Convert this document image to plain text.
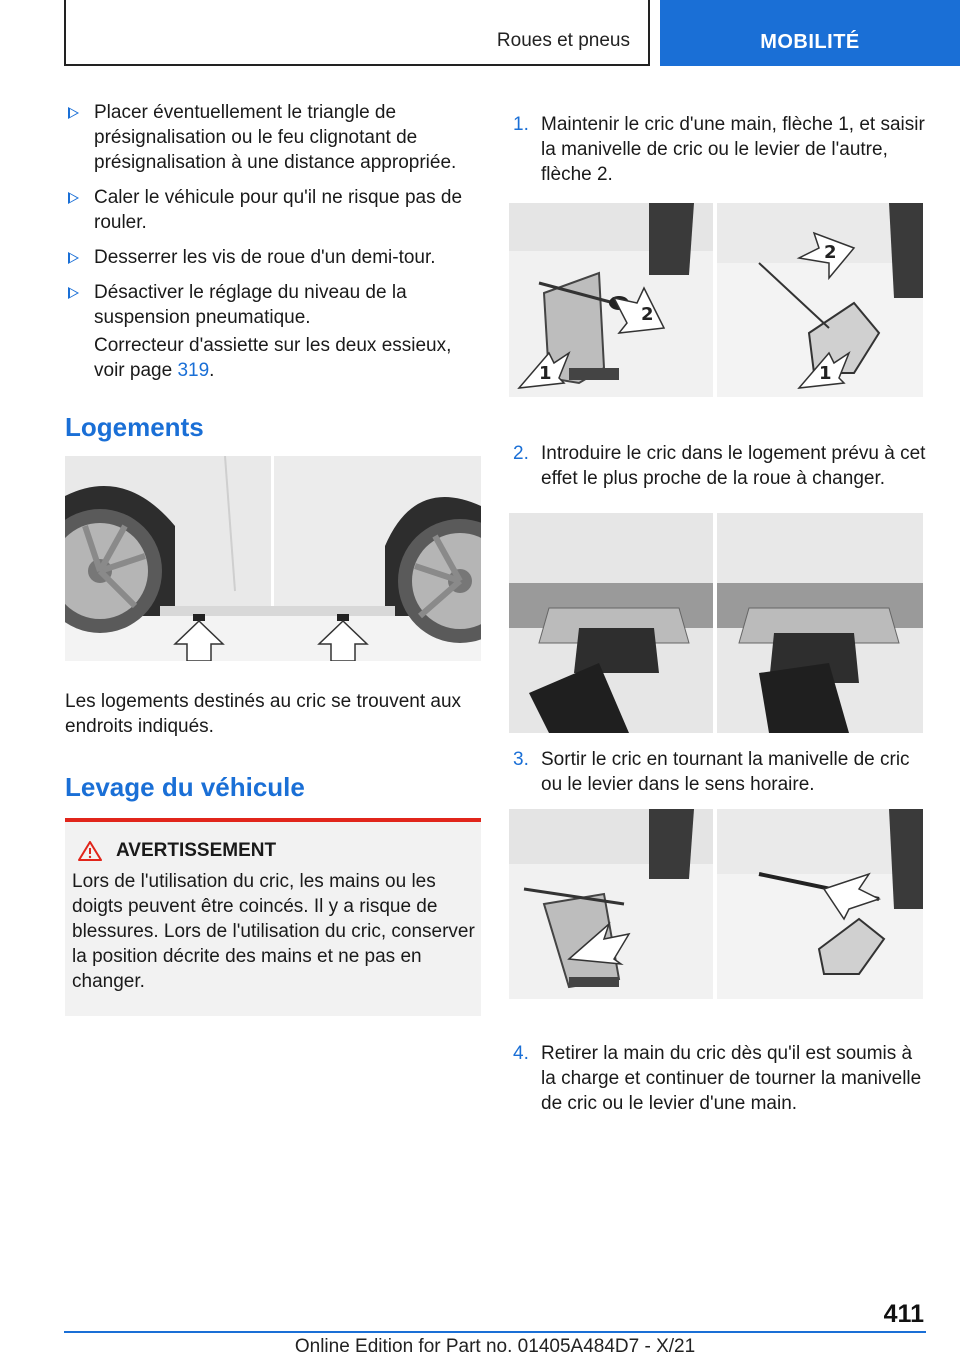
Roues et pneus	MOBILITÉ
Placer éventuellement le triangle de présignalisation ou le feu clignotant de présignalisation à une distance appropriée.
Caler le véhicule pour qu'il ne risque pas de rouler.
Desserrer les vis de roue d'un demi-tour.
Désactiver le réglage du niveau de la suspension pneumatique.
Correcteur d'assiette sur les deux essieux, voir page 319.
Logements
Les logements destinés au cric se trouvent aux endroits indiqués.
Levage du véhicule
AVERTISSEMENT
Lors de l'utilisation du cric, les mains ou les doigts peuvent être coincés. Il y a risque de blessures. Lors de l'utilisation du cric, conserver la position décrite des mains et ne pas en changer.
1. Maintenir le cric d'une main, flèche 1, et saisir la manivelle de cric ou le levier de l'autre, flèche 2.
1
2
1
2
2. Introduire le cric dans le logement prévu à cet effet le plus proche de la roue à changer.
3. Sortir le cric en tournant la manivelle de cric ou le levier dans le sens horaire.
4. Retirer la main du cric dès qu'il est soumis à la charge et continuer de tourner la manivelle de cric ou le levier d'une main.
411
Online Edition for Part no. 01405A484D7 - X/21
